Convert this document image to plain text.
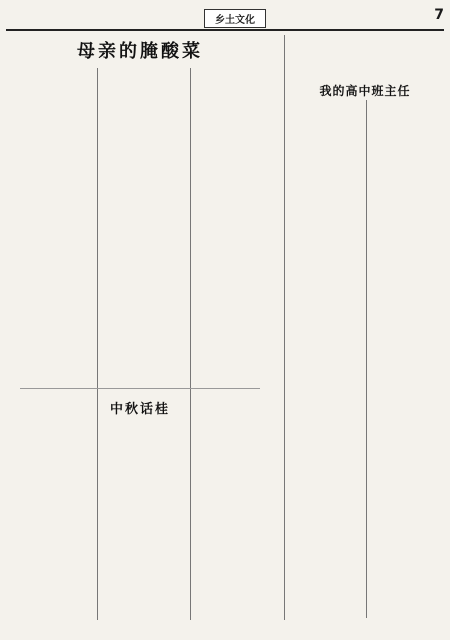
乡土文化	7
母亲的腌酸菜

中秋话桂

我的高中班主任
